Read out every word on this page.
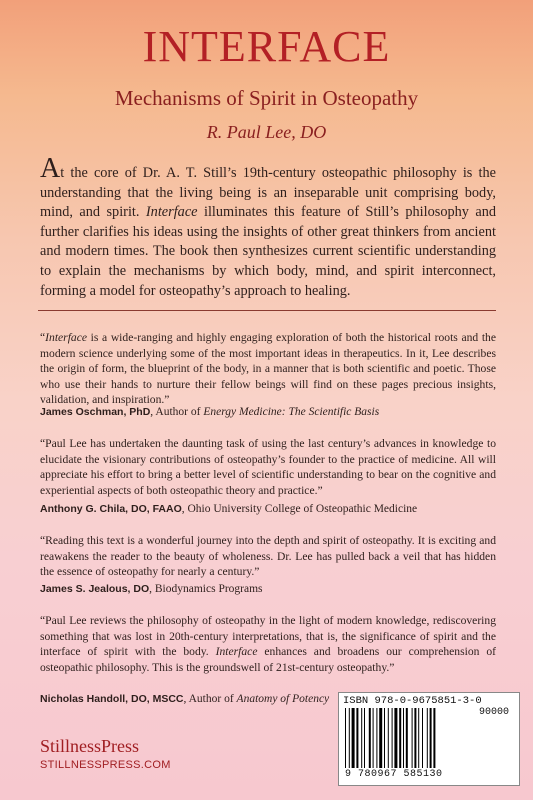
INTERFACE
Mechanisms of Spirit in Osteopathy
R. Paul Lee, DO
At the core of Dr. A. T. Still’s 19th-century osteopathic philosophy is the understanding that the living being is an inseparable unit comprising body, mind, and spirit. Interface illuminates this feature of Still’s philosophy and further clarifies his ideas using the insights of other great thinkers from ancient and modern times. The book then synthesizes current scientific understanding to explain the mechanisms by which body, mind, and spirit interconnect, forming a model for osteopathy’s approach to healing.
“Interface is a wide-ranging and highly engaging exploration of both the historical roots and the modern science underlying some of the most important ideas in therapeutics. In it, Lee describes the origin of form, the blueprint of the body, in a manner that is both scientific and poetic. Those who use their hands to nurture their fellow beings will find on these pages precious insights, validation, and inspiration.”
James Oschman, PhD, Author of Energy Medicine: The Scientific Basis
“Paul Lee has undertaken the daunting task of using the last century’s advances in knowledge to elucidate the visionary contributions of osteopathy’s founder to the practice of medicine. All will appreciate his effort to bring a better level of scientific understanding to bear on the cognitive and experiential aspects of both osteopathic theory and practice.”
Anthony G. Chila, DO, FAAO, Ohio University College of Osteopathic Medicine
“Reading this text is a wonderful journey into the depth and spirit of osteopathy. It is exciting and reawakens the reader to the beauty of wholeness. Dr. Lee has pulled back a veil that has hidden the essence of osteopathy for nearly a century.”
James S. Jealous, DO, Biodynamics Programs
“Paul Lee reviews the philosophy of osteopathy in the light of modern knowledge, rediscovering something that was lost in 20th-century interpretations, that is, the significance of spirit and the interface of spirit with the body. Interface enhances and broadens our comprehension of osteopathic philosophy. This is the groundswell of 21st-century osteopathy.”
Nicholas Handoll, DO, MSCC, Author of Anatomy of Potency
StillnessPress
STILLNESSPRESS.COM
ISBN 978-0-9675851-3-0
90000
9 780967 585130
